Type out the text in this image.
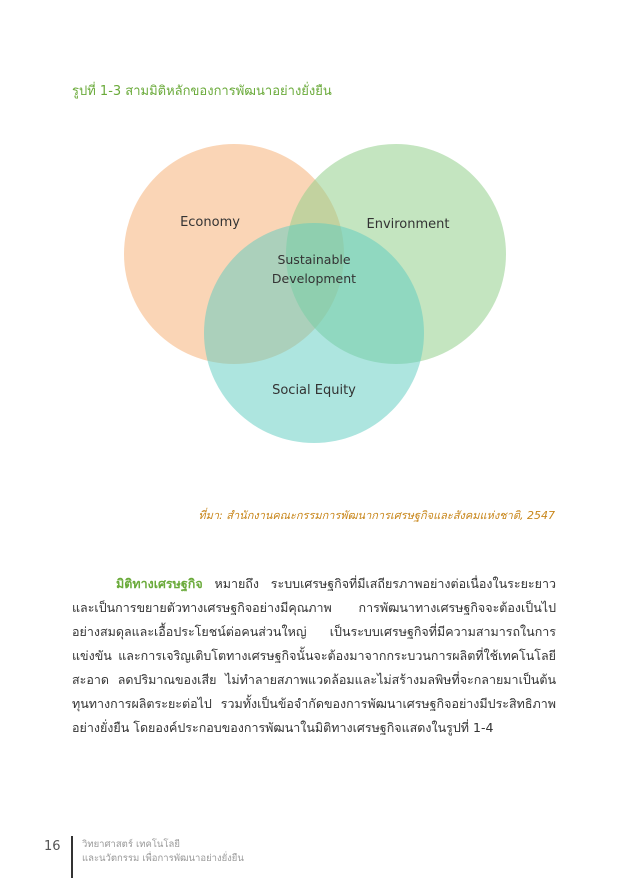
รูปที่ 1-3 สามมิติหลักของการพัฒนาอย่างยั่งยืน
Economy	Environment
Sustainable
Development
Social Equity
ที่มา: สำนักงานคณะกรรมการพัฒนาการเศรษฐกิจและสังคมแห่งชาติ, 2547

มิติทางเศรษฐกิจ หมายถึง ระบบเศรษฐกิจที่มีเสถียรภาพอย่างต่อเนื่องในระยะยาว และเป็นการขยายตัวทางเศรษฐกิจอย่างมีคุณภาพ การพัฒนาทางเศรษฐกิจจะต้องเป็นไปอย่างสมดุลและเอื้อประโยชน์ต่อคนส่วนใหญ่ เป็นระบบเศรษฐกิจที่มีความสามารถในการแข่งขัน และการเจริญเติบโตทางเศรษฐกิจนั้นจะต้องมาจากกระบวนการผลิตที่ใช้เทคโนโลยีสะอาด ลดปริมาณของเสีย ไม่ทำลายสภาพแวดล้อมและไม่สร้างมลพิษที่จะกลายมาเป็นต้นทุนทางการผลิตระยะต่อไป รวมทั้งเป็นข้อจำกัดของการพัฒนาเศรษฐกิจอย่างมีประสิทธิภาพอย่างยั่งยืน โดยองค์ประกอบของการพัฒนาในมิติทางเศรษฐกิจแสดงในรูปที่ 1-4

16 วิทยาศาสตร์ เทคโนโลยี
และนวัตกรรม เพื่อการพัฒนาอย่างยั่งยืน
